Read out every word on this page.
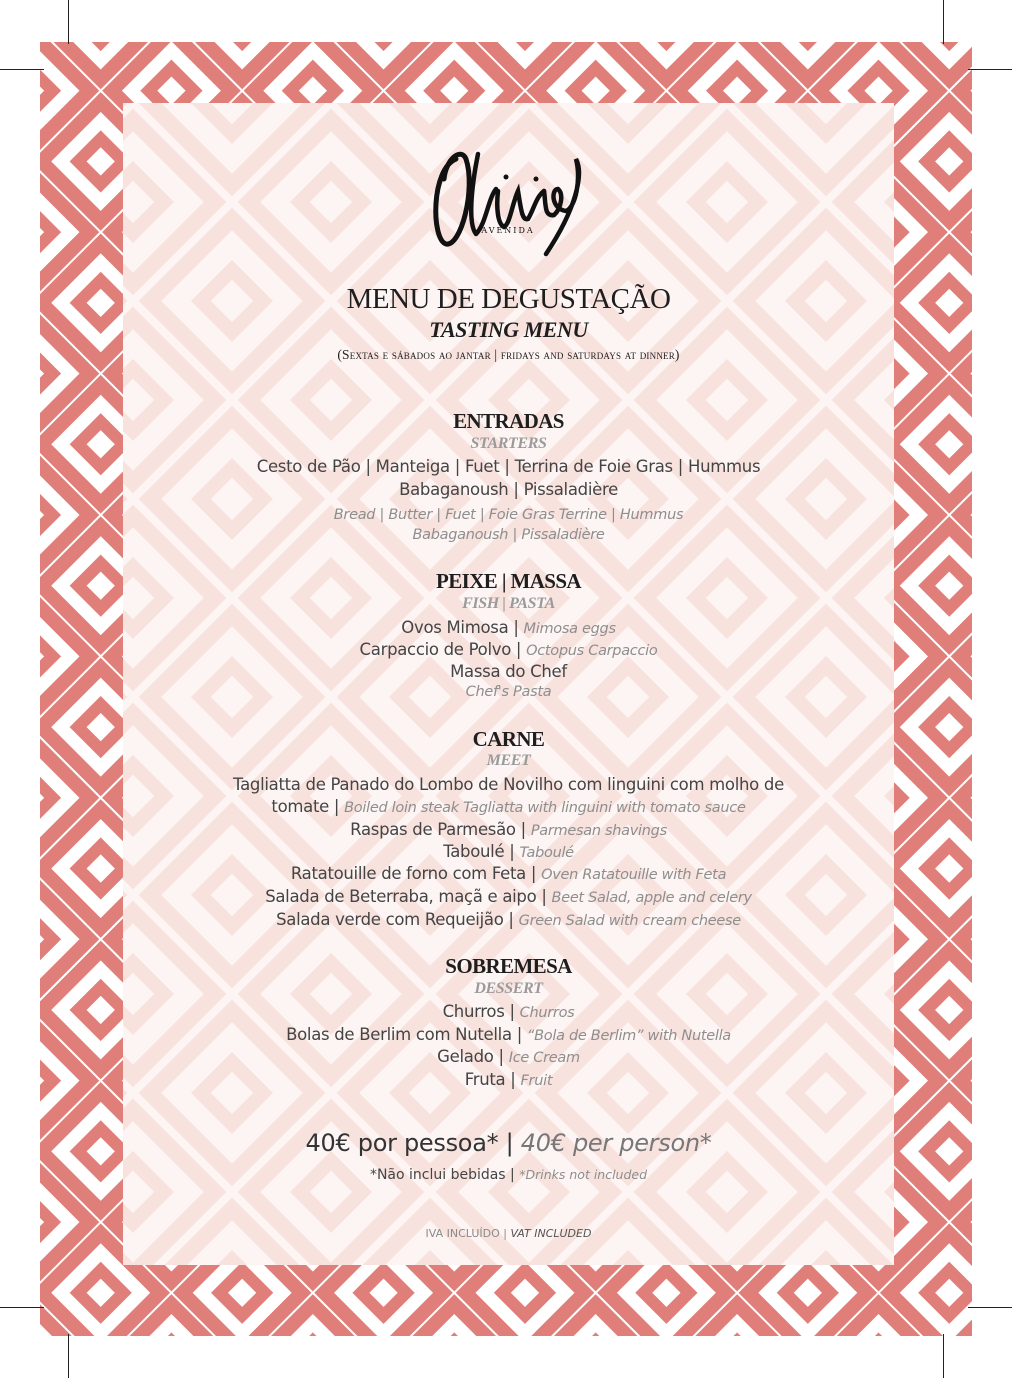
AVENIDA
MENU DE DEGUSTAÇÃO
TASTING MENU
(Sextas e sábados ao jantar | fridays and saturdays at dinner)
ENTRADAS
STARTERS
Cesto de Pão | Manteiga | Fuet | Terrina de Foie Gras | Hummus
Babaganoush | Pissaladière
Bread | Butter | Fuet | Foie Gras Terrine | Hummus
Babaganoush | Pissaladière
PEIXE | MASSA
FISH | PASTA
Ovos Mimosa | Mimosa eggs
Carpaccio de Polvo | Octopus Carpaccio
Massa do Chef
Chef's Pasta
CARNE
MEET
Tagliatta de Panado do Lombo de Novilho com linguini com molho de
tomate | Boiled loin steak Tagliatta with linguini with tomato sauce
Raspas de Parmesão | Parmesan shavings
Taboulé | Taboulé
Ratatouille de forno com Feta | Oven Ratatouille with Feta
Salada de Beterraba, maçã e aipo | Beet Salad, apple and celery
Salada verde com Requeijão | Green Salad with cream cheese
SOBREMESA
DESSERT
Churros | Churros
Bolas de Berlim com Nutella | “Bola de Berlim” with Nutella
Gelado | Ice Cream
Fruta | Fruit
40€ por pessoa* | 40€ per person*
*Não inclui bebidas | *Drinks not included
IVA INCLUÍDO | VAT INCLUDED
